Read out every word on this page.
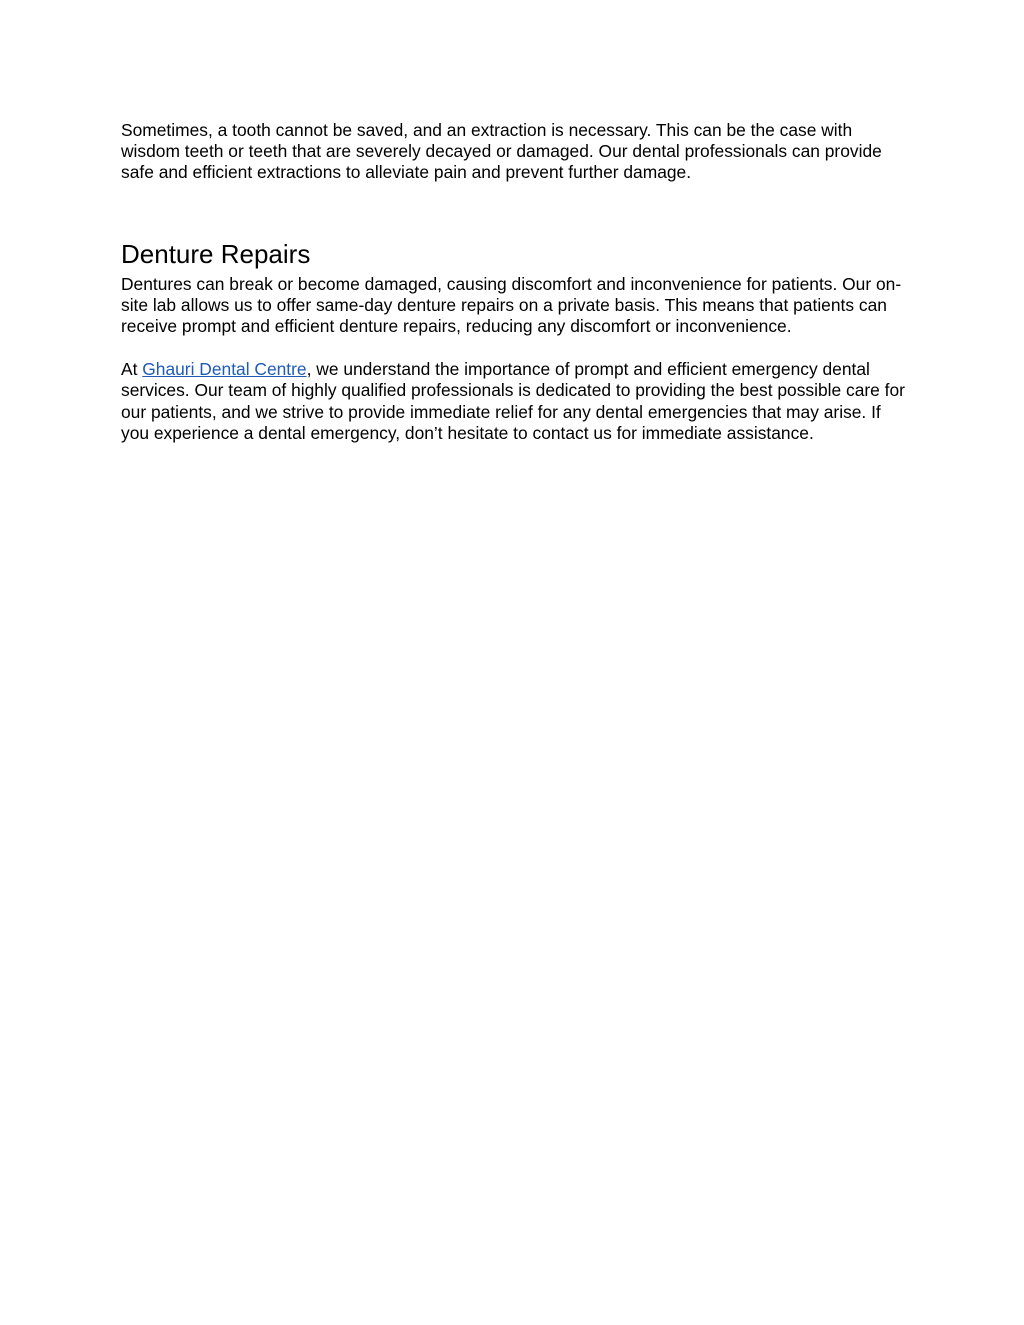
Sometimes, a tooth cannot be saved, and an extraction is necessary. This can be the case with wisdom teeth or teeth that are severely decayed or damaged. Our dental professionals can provide safe and efficient extractions to alleviate pain and prevent further damage.

Denture Repairs

Dentures can break or become damaged, causing discomfort and inconvenience for patients. Our on-site lab allows us to offer same-day denture repairs on a private basis. This means that patients can receive prompt and efficient denture repairs, reducing any discomfort or inconvenience.

At Ghauri Dental Centre, we understand the importance of prompt and efficient emergency dental services. Our team of highly qualified professionals is dedicated to providing the best possible care for our patients, and we strive to provide immediate relief for any dental emergencies that may arise. If you experience a dental emergency, don’t hesitate to contact us for immediate assistance.
